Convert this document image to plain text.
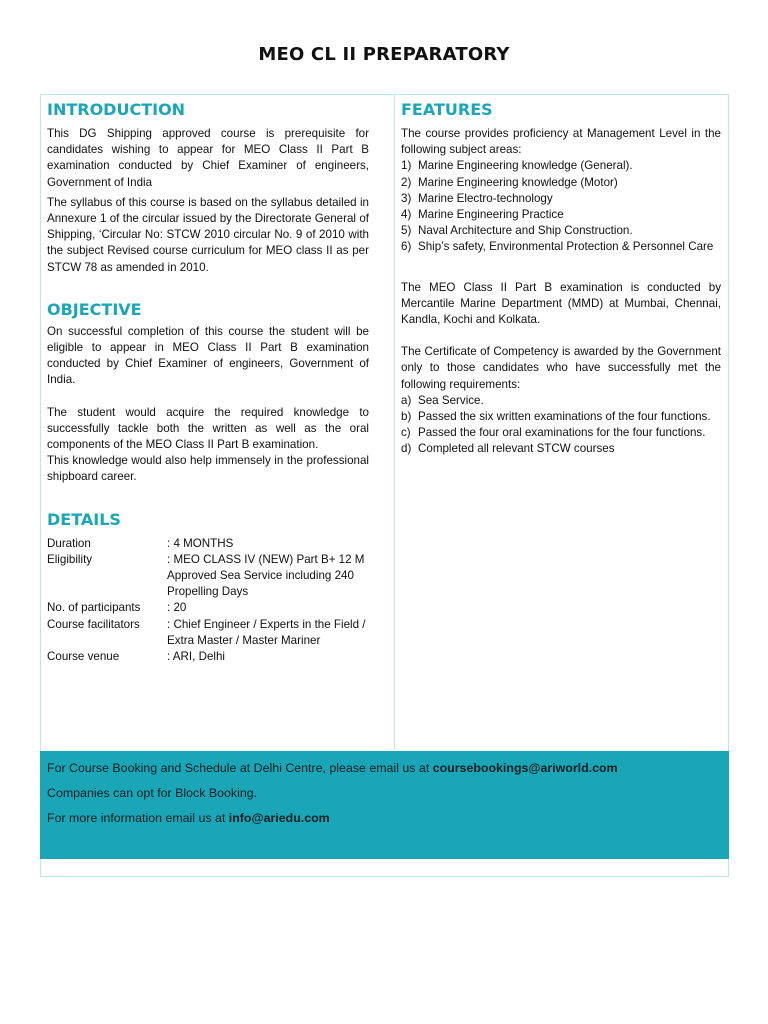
MEO CL II PREPARATORY
INTRODUCTION

This DG Shipping approved course is prerequisite for candidates wishing to appear for MEO Class II Part B examination conducted by Chief Examiner of engineers, Government of India

The syllabus of this course is based on the syllabus detailed in Annexure 1 of the circular issued by the Directorate General of Shipping, ‘Circular No: STCW 2010 circular No. 9 of 2010 with the subject Revised course curriculum for MEO class II as per STCW 78 as amended in 2010.

OBJECTIVE

On successful completion of this course the student will be eligible to appear in MEO Class II Part B examination conducted by Chief Examiner of engineers, Government of India.

The student would acquire the required knowledge to successfully tackle both the written as well as the oral components of the MEO Class II Part B examination.

This knowledge would also help immensely in the professional shipboard career.

DETAILS
Duration	: 4 MONTHS
Eligibility	: MEO CLASS IV (NEW) Part B+ 12 M Approved Sea Service including 240 Propelling Days
No. of participants	: 20
Course facilitators	: Chief Engineer / Experts in the Field / Extra Master / Master Mariner
Course venue	: ARI, Delhi
FEATURES

The course provides proficiency at Management Level in the following subject areas:

1) Marine Engineering knowledge (General).
2) Marine Engineering knowledge (Motor)
3) Marine Electro-technology
4) Marine Engineering Practice
5) Naval Architecture and Ship Construction.
6) Ship’s safety, Environmental Protection & Personnel Care

The MEO Class II Part B examination is conducted by Mercantile Marine Department (MMD) at Mumbai, Chennai, Kandla, Kochi and Kolkata.

The Certificate of Competency is awarded by the Government only to those candidates who have successfully met the following requirements:

a) Sea Service.
b) Passed the six written examinations of the four functions.
c) Passed the four oral examinations for the four functions.
d) Completed all relevant STCW courses

For Course Booking and Schedule at Delhi Centre, please email us at coursebookings@ariworld.com

Companies can opt for Block Booking.

For more information email us at info@ariedu.com
